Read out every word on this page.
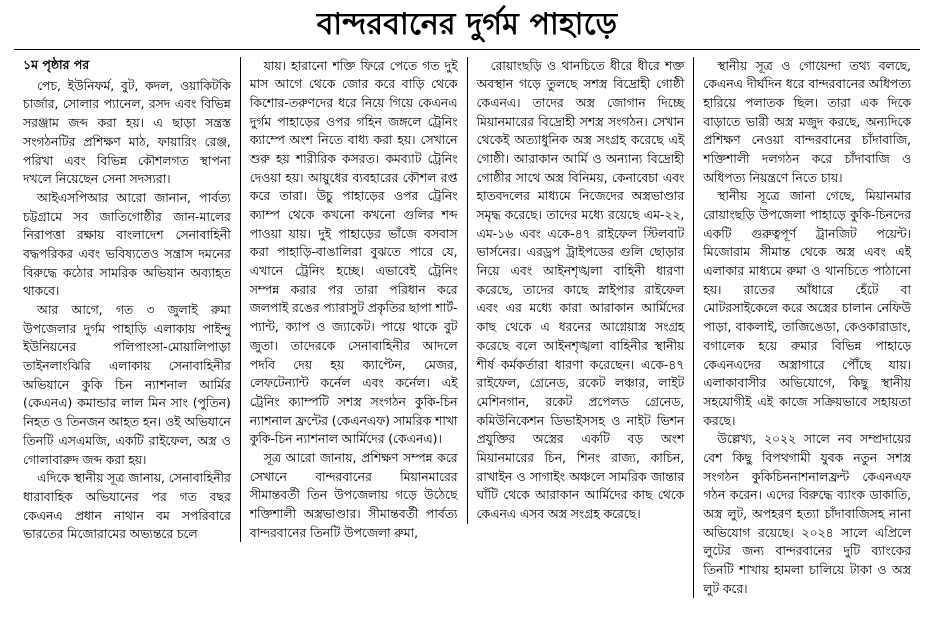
বান্দরবানের দুর্গম পাহাড়ে
১ম পৃষ্ঠার পর

পেচ, ইউনিফর্ম, বুট, কদল, ওয়াকিটকি চার্জার, সোলার প্যানেল, রসদ এবং বিভিন্ন সরঞ্জাম জব্দ করা হয়। এ ছাড়া সন্ত্রস্ত সংগঠনটির প্রশিক্ষণ মাঠ, ফায়ারিং রেঞ্জ, পরিখা এবং বিভিন্ন কৌশলগত স্থাপনা দখলে নিয়েছেন সেনা সদস্যরা।

আইএসপিআর আরো জানান, পার্বত্য চট্টগ্রামে সব জাতিগোষ্ঠীর জান-মালের নিরাপত্তা রক্ষায় বাংলাদেশ সেনাবাহিনী বদ্ধপরিকর এবং ভবিষ্যতেও সন্ত্রাস দমনের বিরুদ্ধে কঠোর সামরিক অভিযান অব্যাহত থাকবে।

আর আগে, গত ৩ জুলাই রুমা উপজেলার দুর্গম পাহাড়ি এলাকায় পাইন্দু ইউনিয়নের পলিপাংসা-মোয়ালিপাড়া তাইনলাংঝিরি এলাকায় সেনাবাহিনীর অভিযানে কুকি চিন ন্যাশনাল আর্মির (কেএনএ) কমান্ডার লাল মিন সাং (পুতিন) নিহত ও তিনজন আহত হন। ওই অভিযানে তিনটি এসএমজি, একটি রাইফেল, অস্ত্র ও গোলাবারুদ জব্দ করা হয়।

এদিকে স্থানীয় সূত্র জানায়, সেনাবাহিনীর ধারাবাহিক অভিযানের পর গত বছর কেএনএ প্রধান নাথান বম সপরিবারে ভারতের মিজোরামের অভ্যন্তরে চলে

যায়। হারানো শক্তি ফিরে পেতে গত দুই মাস আগে থেকে জোর করে বাড়ি থেকে কিশোর-তরুণদের ধরে নিয়ে গিয়ে কেএনএ দুর্গম পাহাড়ের ওপর গহিন জঙ্গলে ট্রেনিং ক্যাম্পে অংশ নিতে বাধ্য করা হয়। সেখানে শুরু হয় শারীরিক কসরত। কমব্যাট ট্রেনিং দেওয়া হয়। আয়ুধের ব্যবহারের কৌশল রপ্ত করে তারা। উচু পাহাড়ের ওপর ট্রেনিং ক্যাম্প থেকে কখনো কখনো গুলির শব্দ পাওয়া যায়। দুই পাহাড়ের ভাঁজে বসবাস করা পাহাড়ি-বাঙালিরা বুঝতে পারে যে, এখানে ট্রেনিং হচ্ছে। এভাবেই ট্রেনিং সম্পন্ন করার পর তারা পরিধান করে জলপাই রঙের প্যারাসুট প্রকৃতির ছাপা শার্ট-প্যান্ট, ক্যাপ ও জ্যাকেট। পায়ে থাকে বুট জুতা। তাদেরকে সেনাবাহিনীর আদলে পদবি দেয় হয় ক্যাপ্টেন, মেজর, লেফটেন্যান্ট কর্নেল এবং কর্নেল। এই ট্রেনিং ক্যাম্পটি সশস্ত্র সংগঠন কুকি-চিন ন্যাশনাল ফ্রন্টের (কেএনএফ) সামরিক শাখা কুকি-চিন ন্যাশনাল আর্মিদের (কেএনএ)।

সূত্র আরো জানায়, প্রশিক্ষণ সম্পন্ন করে সেখানে বান্দরবানের মিয়ানমারের সীমান্তবর্তী তিন উপজেলায় গড়ে উঠেছে শক্তিশালী অস্ত্রভাণ্ডার। সীমান্তবর্তী পার্বত্য বান্দরবানের তিনটি উপজেলা রুমা,

রোয়াংছড়ি ও থানচিতে ধীরে ধীরে শক্ত অবস্থান গড়ে তুলছে সশস্ত্র বিদ্রোহী গোষ্ঠী কেএনএ। তাদের অস্ত্র জোগান দিচ্ছে মিয়ানমারের বিদ্রোহী সশস্ত্র সংগঠন। সেখান থেকেই অত্যাধুনিক অস্ত্র সংগ্রহ করেছে এই গোষ্ঠী। আরাকান আর্মি ও অন্যান্য বিদ্রোহী গোষ্ঠীর সাথে অস্ত্র বিনিময়, কেনাবেচা এবং হাতবদলের মাধ্যমে নিজেদের অস্ত্রভাণ্ডার সমৃদ্ধ করেছে। তাদের মধ্যে রয়েছে এম-২২, এম-১৬ এবং একে-৪৭ রাইফেল স্টিলবাট ভার্সনের। এরড্রপ ট্রাইপডের গুলি ছোড়ার নিয়ে এবং আইনশৃঙ্খলা বাহিনী ধারণা করেছে, তাদের কাছে স্নাইপার রাইফেল এবং এর মধ্যে কারা আরাকান আর্মিদের কাছ থেকে এ ধরনের আগ্নেয়াস্ত্র সংগ্রহ করেছে বলে আইনশৃঙ্খলা বাহিনীর স্থানীয় শীর্ষ কর্মকর্তারা ধারণা করেছেন। একে-৪৭ রাইফেল, গ্রেনেড, রকেট লঞ্চার, লাইট মেশিনগান, রকেট প্রপেলড গ্রেনেড, কমিউনিকেশন ডিভাইসসহ ও নাইট ভিশন প্রযুক্তির অস্ত্রের একটি বড় অংশ মিয়ানমারের চিন, শিনং রাজ্য, কাচিন, রাখাইন ও সাগাইং অঞ্চলে সামরিক জান্তার ঘাঁটি থেকে আরাকান আর্মিদের কাছ থেকে কেএনএ এসব অস্ত্র সংগ্রহ করেছে।

স্থানীয় সূত্র ও গোয়েন্দা তথ্য বলছে, কেএনএ দীর্ঘদিন ধরে বান্দরবানের অধিপত্য হারিয়ে পলাতক ছিল। তারা এক দিকে বাড়াতে ভারী অস্ত্র মজুদ করছে, অন্যদিকে প্রশিক্ষণ নেওয়া বান্দরবানের চাঁদাবাজি, শক্তিশালী দলগঠন করে চাঁদাবাজি ও অধিপত্য নিয়ন্ত্রণে নিতে চায়।

স্থানীয় সূত্রে জানা গেছে, মিয়ানমার রোয়াংছড়ি উপজেলা পাহাড়ে কুকি-চিনদের একটি গুরুত্বপূর্ণ ট্রানজিট পয়েন্ট। মিজোরাম সীমান্ত থেকে অস্ত্র এবং এই এলাকার মাধ্যমে রুমা ও থানচিতে পাঠানো হয়। রাতের আঁধারে হেঁটে বা মোটরসাইকেলে করে অস্ত্রের চালান নেফিউ পাড়া, বাকলাই, তাজিঙেডা, কেওকারাডাং, বগালেক হয়ে রুমার বিভিন্ন পাহাড়ে কেএনএদের অস্ত্রাগারে পৌঁছে যায়। এলাকাবাসীর অভিযোগে, কিছু স্থানীয় সহযোগীই এই কাজে সক্রিয়ভাবে সহায়তা করছে।

উল্লেখ্য, ২০২২ সালে নব সম্প্রদায়ের বেশ কিছু বিপথগামী যুবক নতুন সশস্ত্র সংগঠন কুকিচিননাশনালফ্রন্ট কেএনএফ গঠন করেন। এদের বিরুদ্ধে ব্যাংক ডাকাতি, অস্ত্র লুট, অপহরণ হত্যা চাঁদাবাজিসহ নানা অভিযোগ রয়েছে। ২০২৪ সালে এপ্রিলে লুটের জন্য বান্দরবানের দুটি ব্যাংকের তিনটি শাখায় হামলা চালিয়ে টাকা ও অস্ত্র লুট করে।
